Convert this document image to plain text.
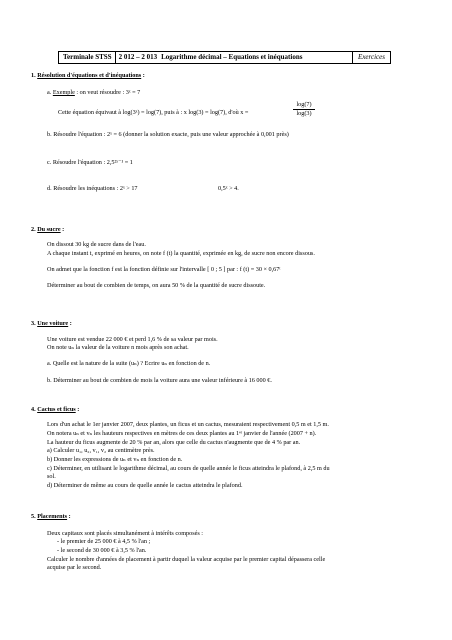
Terminale STSS	2 012 – 2 013 Logarithme décimal – Equations et inéquations	Exercices
1. Résolution d'équations et d'inéquations :
a. Exemple : on veut résoudre : 3ˣ = 7
Cette équation équivaut à log(3ˣ) = log(7), puis à : x log(3) = log(7), d'où x =
log(7)
log(3)
b. Résoudre l'équation : 2ˣ = 6 (donner la solution exacte, puis une valeur approchée à 0,001 près)
c. Résoudre l'équation : 2,5²ˣ⁻¹ = 1
d. Résoudre les inéquations : 2ˣ > 17	0,5ˣ > 4.
2. Du sucre :
On dissout 30 kg de sucre dans de l'eau.
A chaque instant t, exprimé en heures, on note f (t) la quantité, exprimée en kg, de sucre non encore dissous.
On admet que la fonction f est la fonction définie sur l'intervalle [ 0 ; 5 ] par : f (t) = 30 × 0,67ᵗ
Déterminer au bout de combien de temps, on aura 50 % de la quantité de sucre dissoute.
3. Une voiture :
Une voiture est vendue 22 000 € et perd 1,6 % de sa valeur par mois.
On note uₙ la valeur de la voiture n mois après son achat.
a. Quelle est la nature de la suite (uₙ) ? Ecrire uₙ en fonction de n.
b. Déterminer au bout de combien de mois la voiture aura une valeur inférieure à 16 000 €.
4. Cactus et ficus :
Lors d'un achat le 1er janvier 2007, deux plantes, un ficus et un cactus, mesuraient respectivement 0,5 m et 1,5 m.
On notera uₙ et vₙ les hauteurs respectives en mètres de ces deux plantes au 1ᵉʳ janvier de l'année (2007 + n).
La hauteur du ficus augmente de 20 % par an, alors que celle du cactus n'augmente que de 4 % par an.
a) Calculer u₁, u₂, v₁, v₂ au centimètre près.
b) Donner les expressions de uₙ et vₙ en fonction de n.
c) Déterminer, en utilisant le logarithme décimal, au cours de quelle année le ficus atteindra le plafond, à 2,5 m du
sol.
d) Déterminer de même au cours de quelle année le cactus atteindra le plafond.
5. Placements :
Deux capitaux sont placés simultanément à intérêts composés :
- le premier de 25 000 € à 4,5 % l'an ;
- le second de 30 000 € à 3,5 % l'an.
Calculer le nombre d'années de placement à partir duquel la valeur acquise par le premier capital dépassera celle
acquise par le second.
